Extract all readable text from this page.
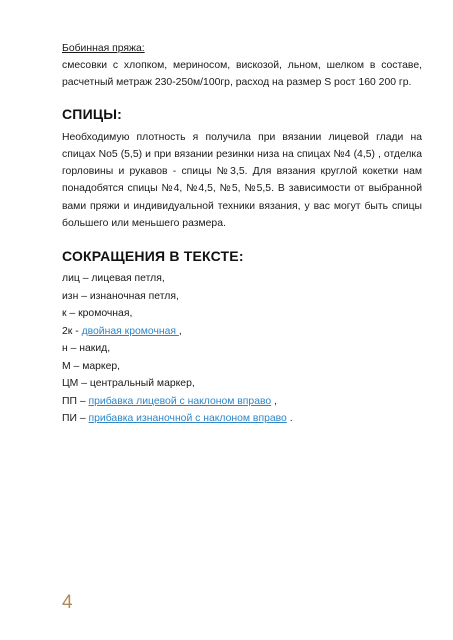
Бобинная пряжа:

смесовки с хлопком, мериносом, вискозой, льном, шелком в составе, расчетный метраж 230-250м/100гр, расход на размер S рост 160 200 гр.

СПИЦЫ:

Необходимую плотность я получила при вязании лицевой глади на спицах No5 (5,5) и при вязании резинки низа на спицах №4 (4,5) , отделка горловины и рукавов - спицы №3,5. Для вязания круглой кокетки нам понадобятся спицы №4, №4,5, №5, №5,5. В зависимости от выбранной вами пряжи и индивидуальной техники вязания, у вас могут быть спицы большего или меньшего размера.

СОКРАЩЕНИЯ В ТЕКСТЕ:
лиц – лицевая петля,
изн – изнаночная петля,
к – кромочная,
2к - двойная кромочная ,
н – накид,
М – маркер,
ЦМ – центральный маркер,
ПП – прибавка лицевой с наклоном вправо ,
ПИ – прибавка изнаночной с наклоном вправо .
4
